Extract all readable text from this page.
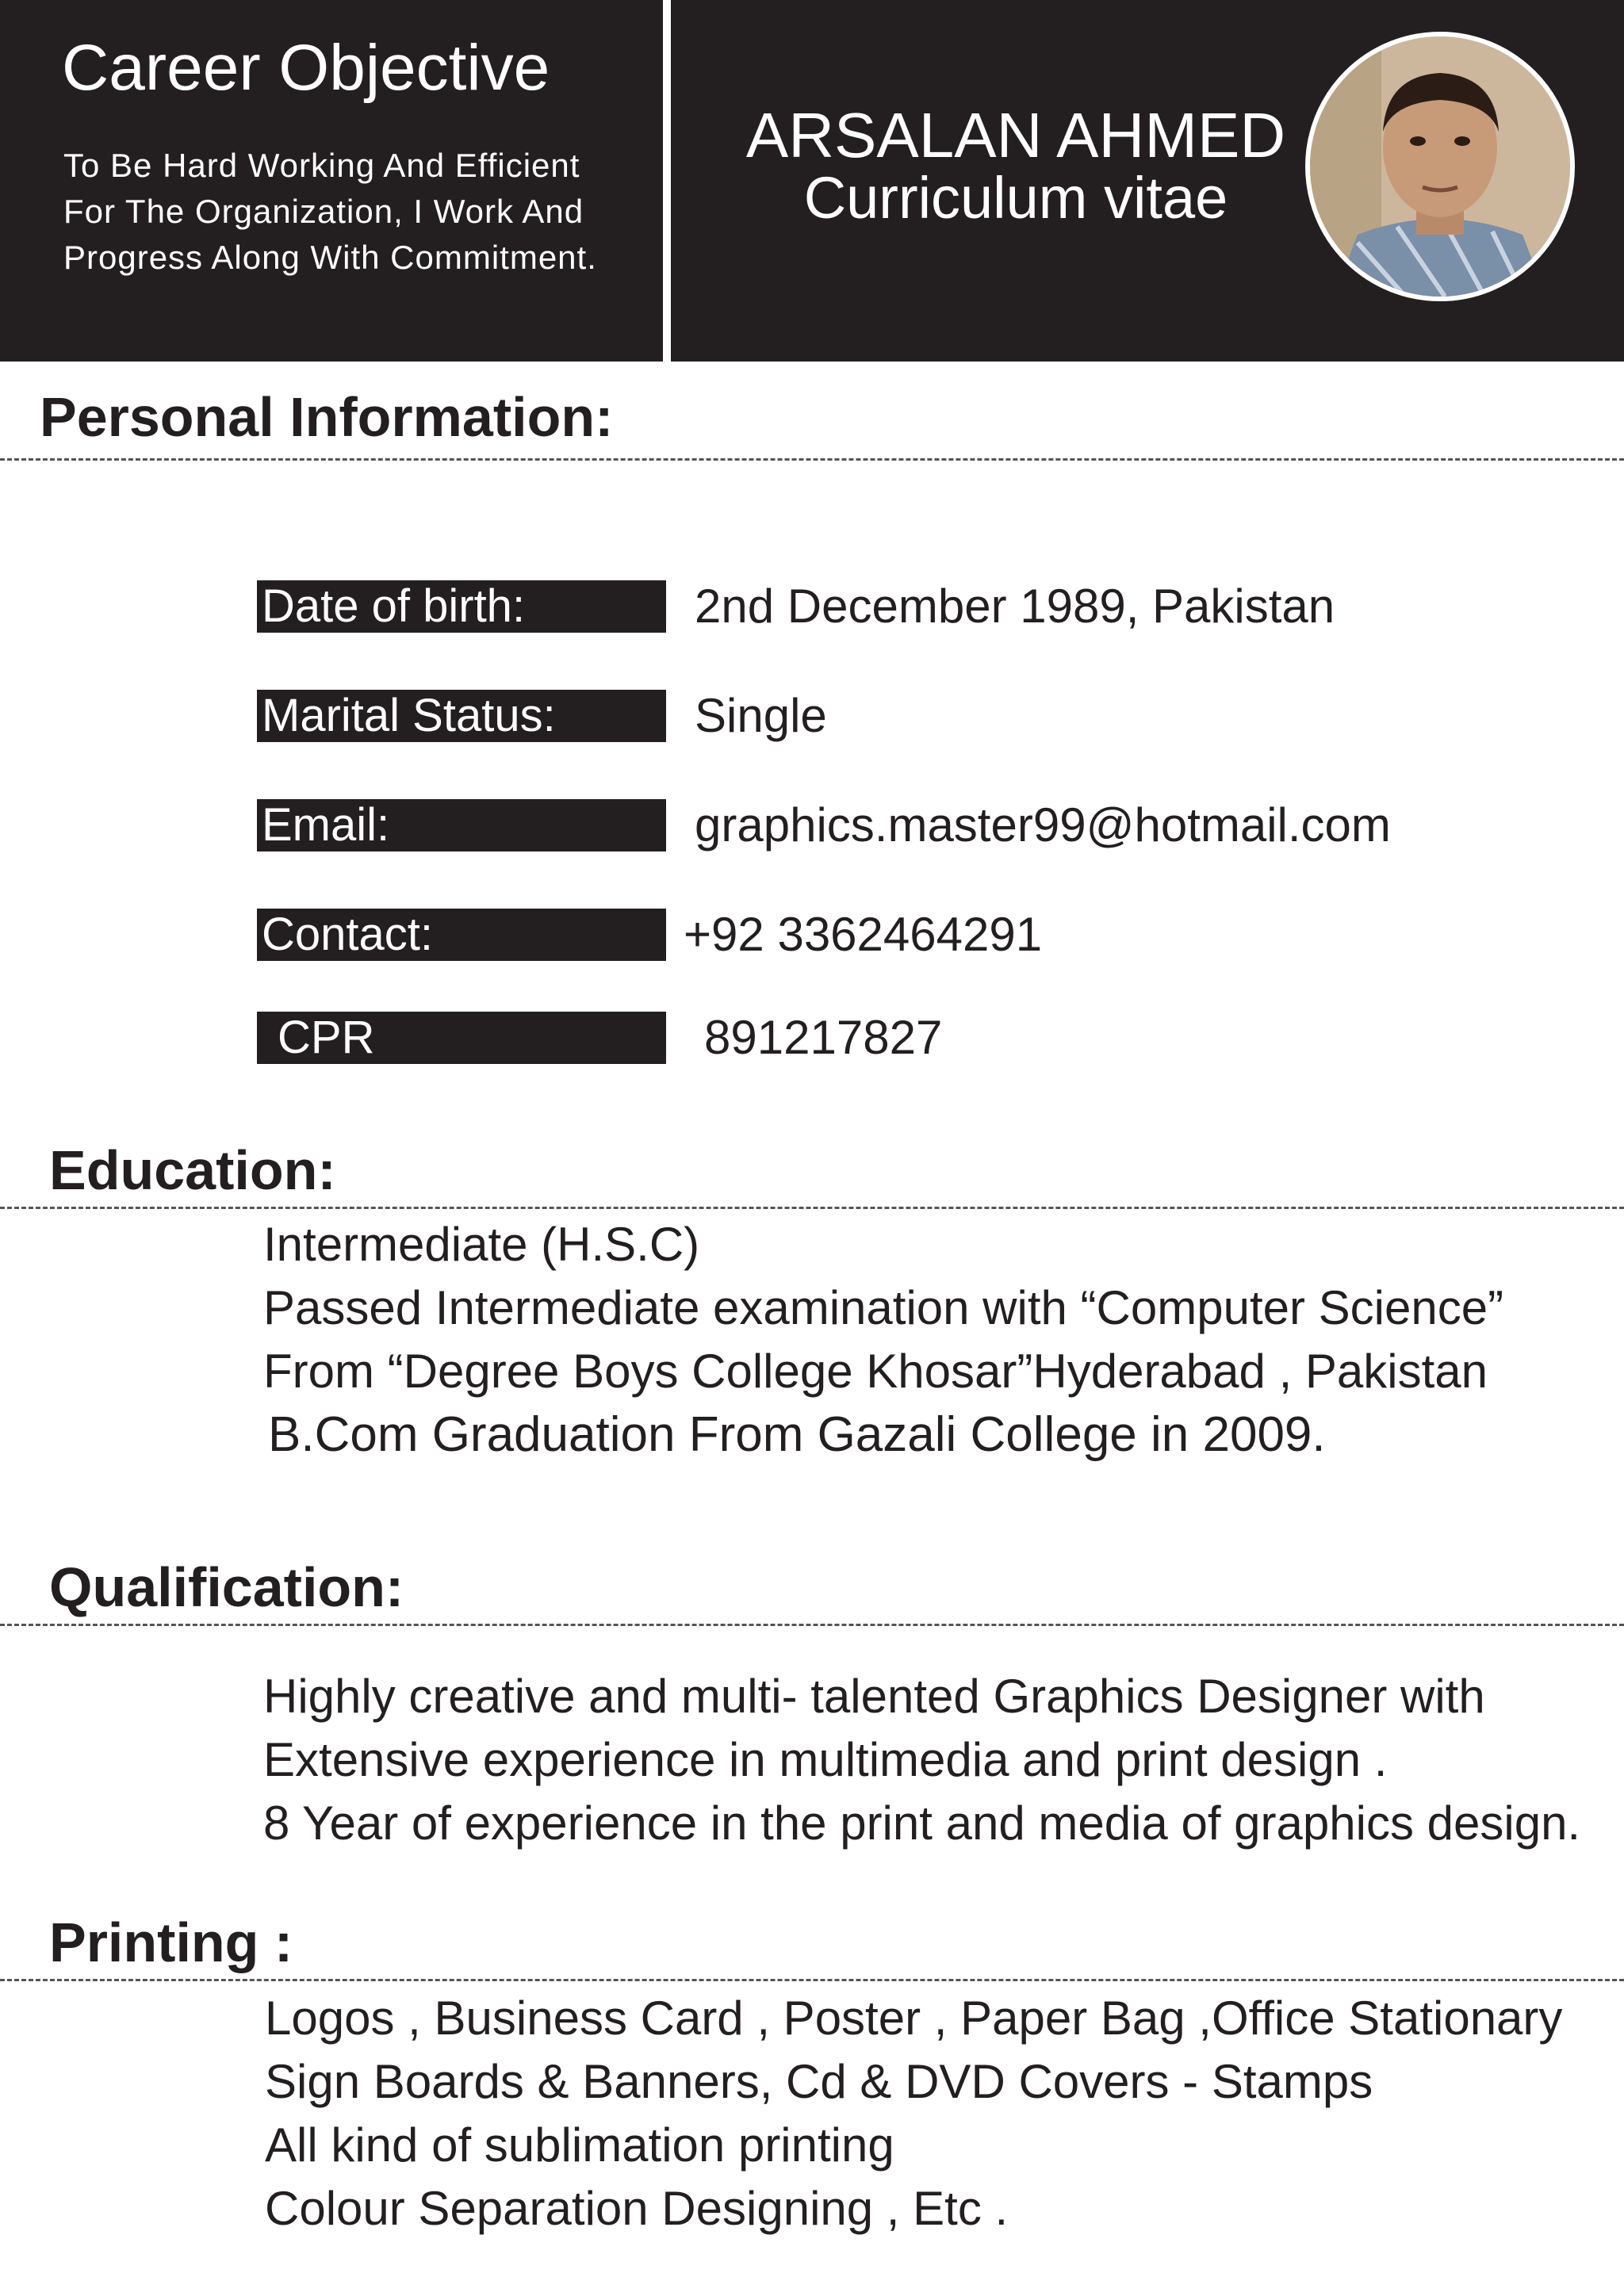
Career Objective
To Be Hard Working And Efficient
For The Organization, I Work And
Progress Along With Commitment.
ARSALAN AHMED
Curriculum vitae
Personal Information:
Date of birth:	2nd December 1989, Pakistan
Marital Status:	Single
Email:	graphics.master99@hotmail.com
Contact:	+92 3362464291
CPR	891217827
Education:
Intermediate (H.S.C)
Passed Intermediate examination with “Computer Science”
From “Degree Boys College Khosar”Hyderabad , Pakistan
B.Com Graduation From Gazali College in 2009.
Qualification:
Highly creative and multi- talented Graphics Designer with
Extensive experience in multimedia and print design .
8 Year of experience in the print and media of graphics design.
Printing :
Logos , Business Card , Poster , Paper Bag ,Office Stationary
Sign Boards & Banners, Cd & DVD Covers - Stamps
All kind of sublimation printing
Colour Separation Designing , Etc .
